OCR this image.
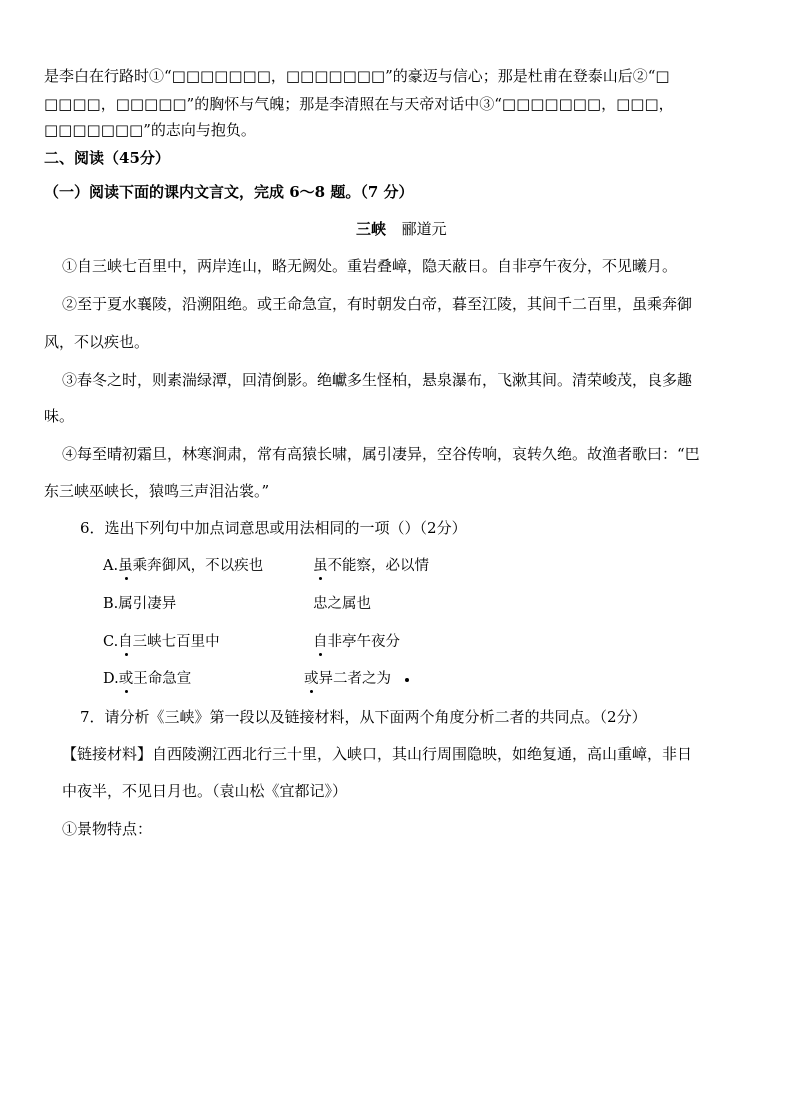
是李白在行路时①“□□□□□□□，□□□□□□□”的豪迈与信心；那是杜甫在登泰山后②“□
□□□□，□□□□□”的胸怀与气魄；那是李清照在与天帝对话中③“□□□□□□□，□□□，
□□□□□□□”的志向与抱负。
二、阅读（45分）
（一）阅读下面的课内文言文，完成 6～8 题。（7 分）
三峡 郦道元
①自三峡七百里中，两岸连山，略无阙处。重岩叠嶂，隐天蔽日。自非亭午夜分，不见曦月。
②至于夏水襄陵，沿溯阻绝。或王命急宣，有时朝发白帝，暮至江陵，其间千二百里，虽乘奔御
风，不以疾也。
③春冬之时，则素湍绿潭，回清倒影。绝巘多生怪柏，悬泉瀑布，飞漱其间。清荣峻茂，良多趣
味。
④每至晴初霜旦，林寒涧肃，常有高猿长啸，属引凄异，空谷传响，哀转久绝。故渔者歌曰：“巴
东三峡巫峡长，猿鸣三声泪沾裳。”
6．选出下列句中加点词意思或用法相同的一项（）（2分）
A.虽乘奔御风，不以疾也	虽不能察，必以情
B.属引凄异	忠之属也
C.自三峡七百里中	自非亭午夜分
D.或王命急宣	或异二者之为
7．请分析《三峡》第一段以及链接材料，从下面两个角度分析二者的共同点。（2分）
【链接材料】自西陵溯江西北行三十里，入峡口，其山行周围隐映，如绝复通，高山重嶂，非日
中夜半，不见日月也。（袁山松《宜都记》）
①景物特点：
